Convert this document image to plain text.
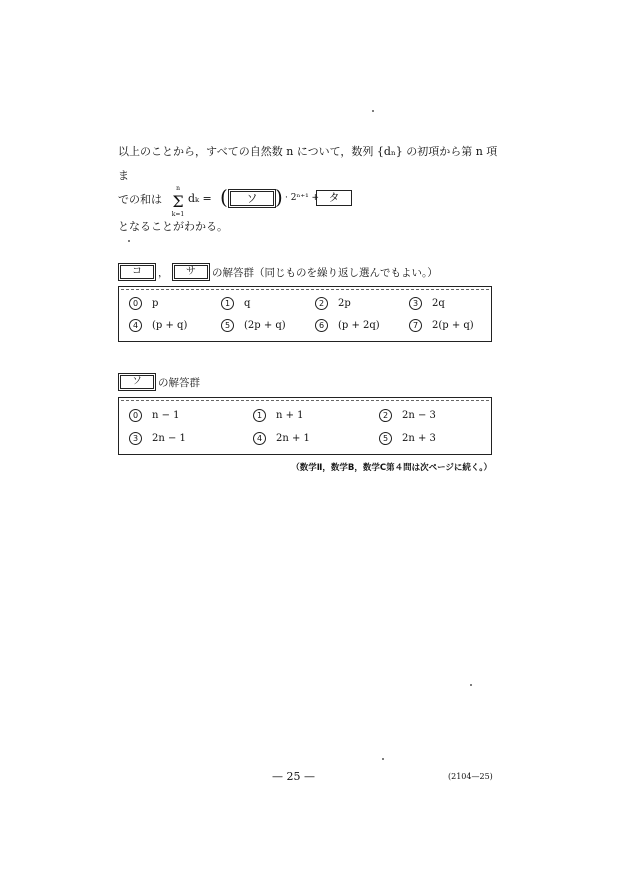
以上のことから，すべての自然数 n について，数列 {dₙ} の初項から第 n 項ま
での和は
n
Σ
k=1
dₖ = (	ソ ) · 2ⁿ⁺¹ + タ
となることがわかる。
コ	，	サ	の解答群（同じものを繰り返し選んでもよい。）
0 p	1 q	2 2p	3 2q
4 (p + q)	5 (2p + q)	6 (p + 2q)	7 2(p + q)
ソ	の解答群
0 n − 1	1 n + 1	2 2n − 3
3 2n − 1	4 2n + 1	5 2n + 3
（数学Ⅱ，数学B，数学C第４問は次ページに続く。）
— 25 —	(2104—25)
